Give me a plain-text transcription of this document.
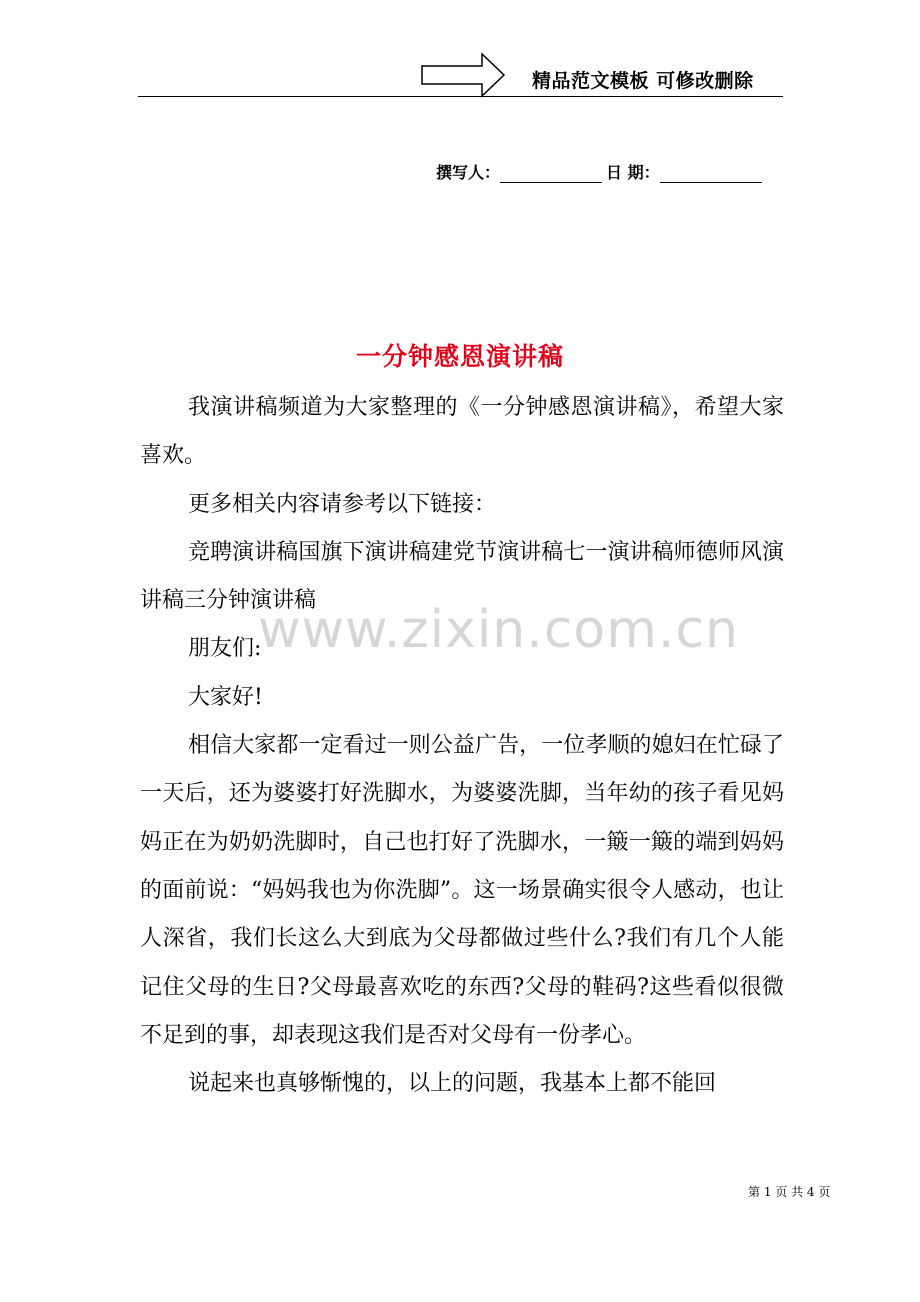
精品范文模板 可修改删除
撰写人：	日 期：
一分钟感恩演讲稿

我演讲稿频道为大家整理的《一分钟感恩演讲稿》，希望大家喜欢。

更多相关内容请参考以下链接：

竞聘演讲稿国旗下演讲稿建党节演讲稿七一演讲稿师德师风演讲稿三分钟演讲稿

朋友们:

大家好!

相信大家都一定看过一则公益广告，一位孝顺的媳妇在忙碌了一天后，还为婆婆打好洗脚水，为婆婆洗脚，当年幼的孩子看见妈妈正在为奶奶洗脚时，自己也打好了洗脚水，一簸一簸的端到妈妈的面前说：“妈妈我也为你洗脚”。这一场景确实很令人感动，也让人深省，我们长这么大到底为父母都做过些什么?我们有几个人能记住父母的生日?父母最喜欢吃的东西?父母的鞋码?这些看似很微不足到的事，却表现这我们是否对父母有一份孝心。

说起来也真够惭愧的，以上的问题，我基本上都不能回

www.zixin.com.cn
第 1 页 共 4 页
